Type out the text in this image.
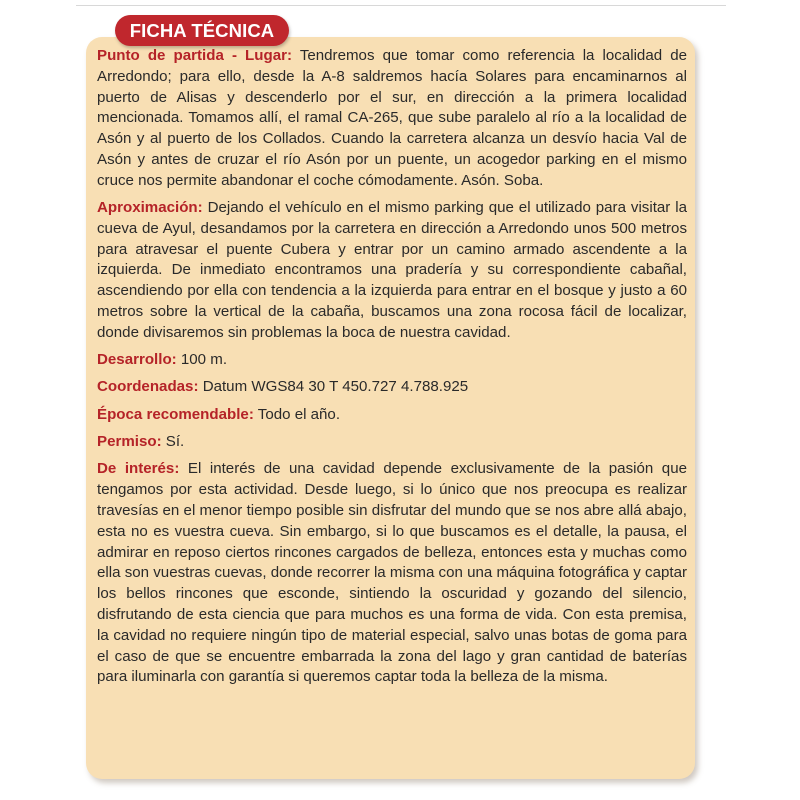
FICHA TÉCNICA

Punto de partida - Lugar: Tendremos que tomar como referencia la localidad de Arredondo; para ello, desde la A-8 saldremos hacía Solares para encaminarnos al puerto de Alisas y descenderlo por el sur, en dirección a la primera localidad mencionada. Tomamos allí, el ramal CA-265, que sube paralelo al río a la localidad de Asón y al puerto de los Collados. Cuando la carretera alcanza un desvío hacia Val de Asón y antes de cruzar el río Asón por un puente, un acogedor parking en el mismo cruce nos permite abandonar el coche cómodamente. Asón. Soba.

Aproximación: Dejando el vehículo en el mismo parking que el utilizado para visitar la cueva de Ayul, desandamos por la carretera en dirección a Arredondo unos 500 metros para atravesar el puente Cubera y entrar por un camino armado ascendente a la izquierda. De inmediato encontramos una pradería y su correspondiente cabañal, ascendiendo por ella con tendencia a la izquierda para entrar en el bosque y justo a 60 metros sobre la vertical de la cabaña, buscamos una zona rocosa fácil de localizar, donde divisaremos sin problemas la boca de nuestra cavidad.

Desarrollo: 100 m.

Coordenadas: Datum WGS84 30 T 450.727 4.788.925

Época recomendable: Todo el año.

Permiso: Sí.

De interés: El interés de una cavidad depende exclusivamente de la pasión que tengamos por esta actividad. Desde luego, si lo único que nos preocupa es realizar travesías en el menor tiempo posible sin disfrutar del mundo que se nos abre allá abajo, esta no es vuestra cueva. Sin embargo, si lo que buscamos es el detalle, la pausa, el admirar en reposo ciertos rincones cargados de belleza, entonces esta y muchas como ella son vuestras cuevas, donde recorrer la misma con una máquina fotográfica y captar los bellos rincones que esconde, sintiendo la oscuridad y gozando del silencio, disfrutando de esta ciencia que para muchos es una forma de vida. Con esta premisa, la cavidad no requiere ningún tipo de material especial, salvo unas botas de goma para el caso de que se encuentre embarrada la zona del lago y gran cantidad de baterías para iluminarla con garantía si queremos captar toda la belleza de la misma.
